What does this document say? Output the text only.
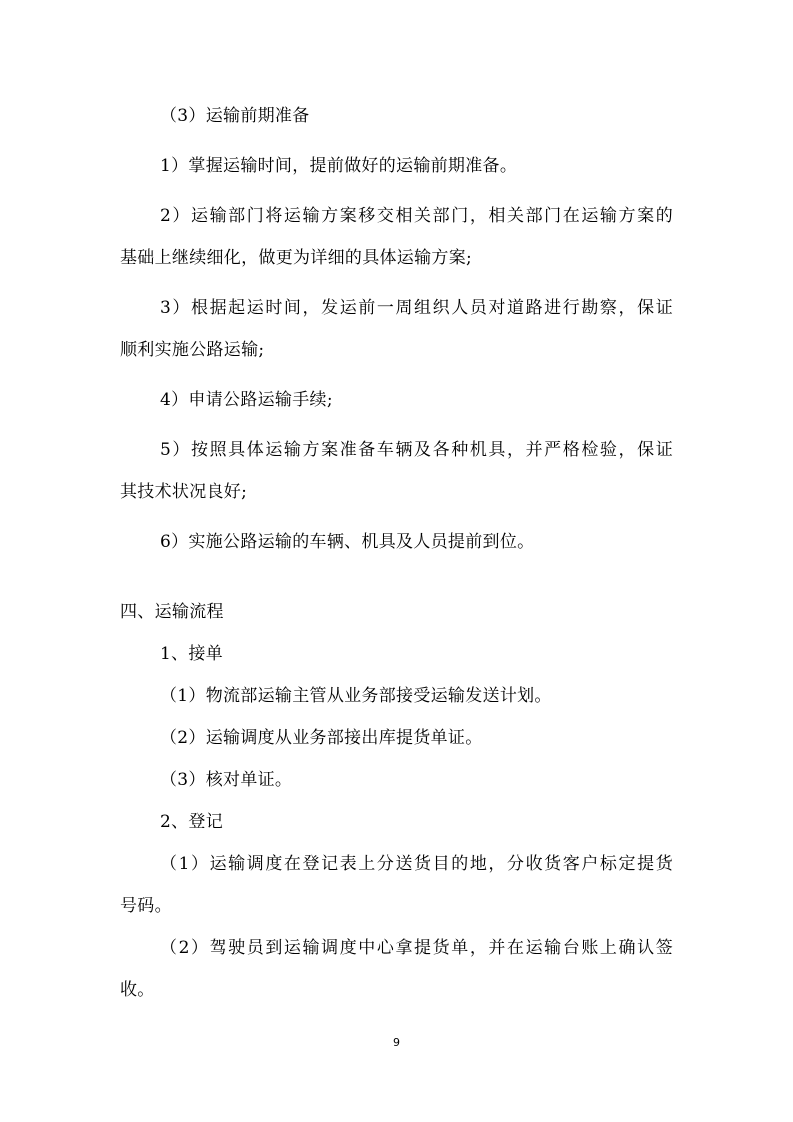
（3）运输前期准备
1）掌握运输时间，提前做好的运输前期准备。
2）运输部门将运输方案移交相关部门，相关部门在运输方案的
基础上继续细化，做更为详细的具体运输方案;
3）根据起运时间，发运前一周组织人员对道路进行勘察，保证
顺利实施公路运输;
4）申请公路运输手续;
5）按照具体运输方案准备车辆及各种机具，并严格检验，保证
其技术状况良好;
6）实施公路运输的车辆、机具及人员提前到位。
四、运输流程
1、接单
（1）物流部运输主管从业务部接受运输发送计划。
（2）运输调度从业务部接出库提货单证。
（3）核对单证。
2、登记
（1）运输调度在登记表上分送货目的地，分收货客户标定提货
号码。
（2）驾驶员到运输调度中心拿提货单，并在运输台账上确认签
收。
9
